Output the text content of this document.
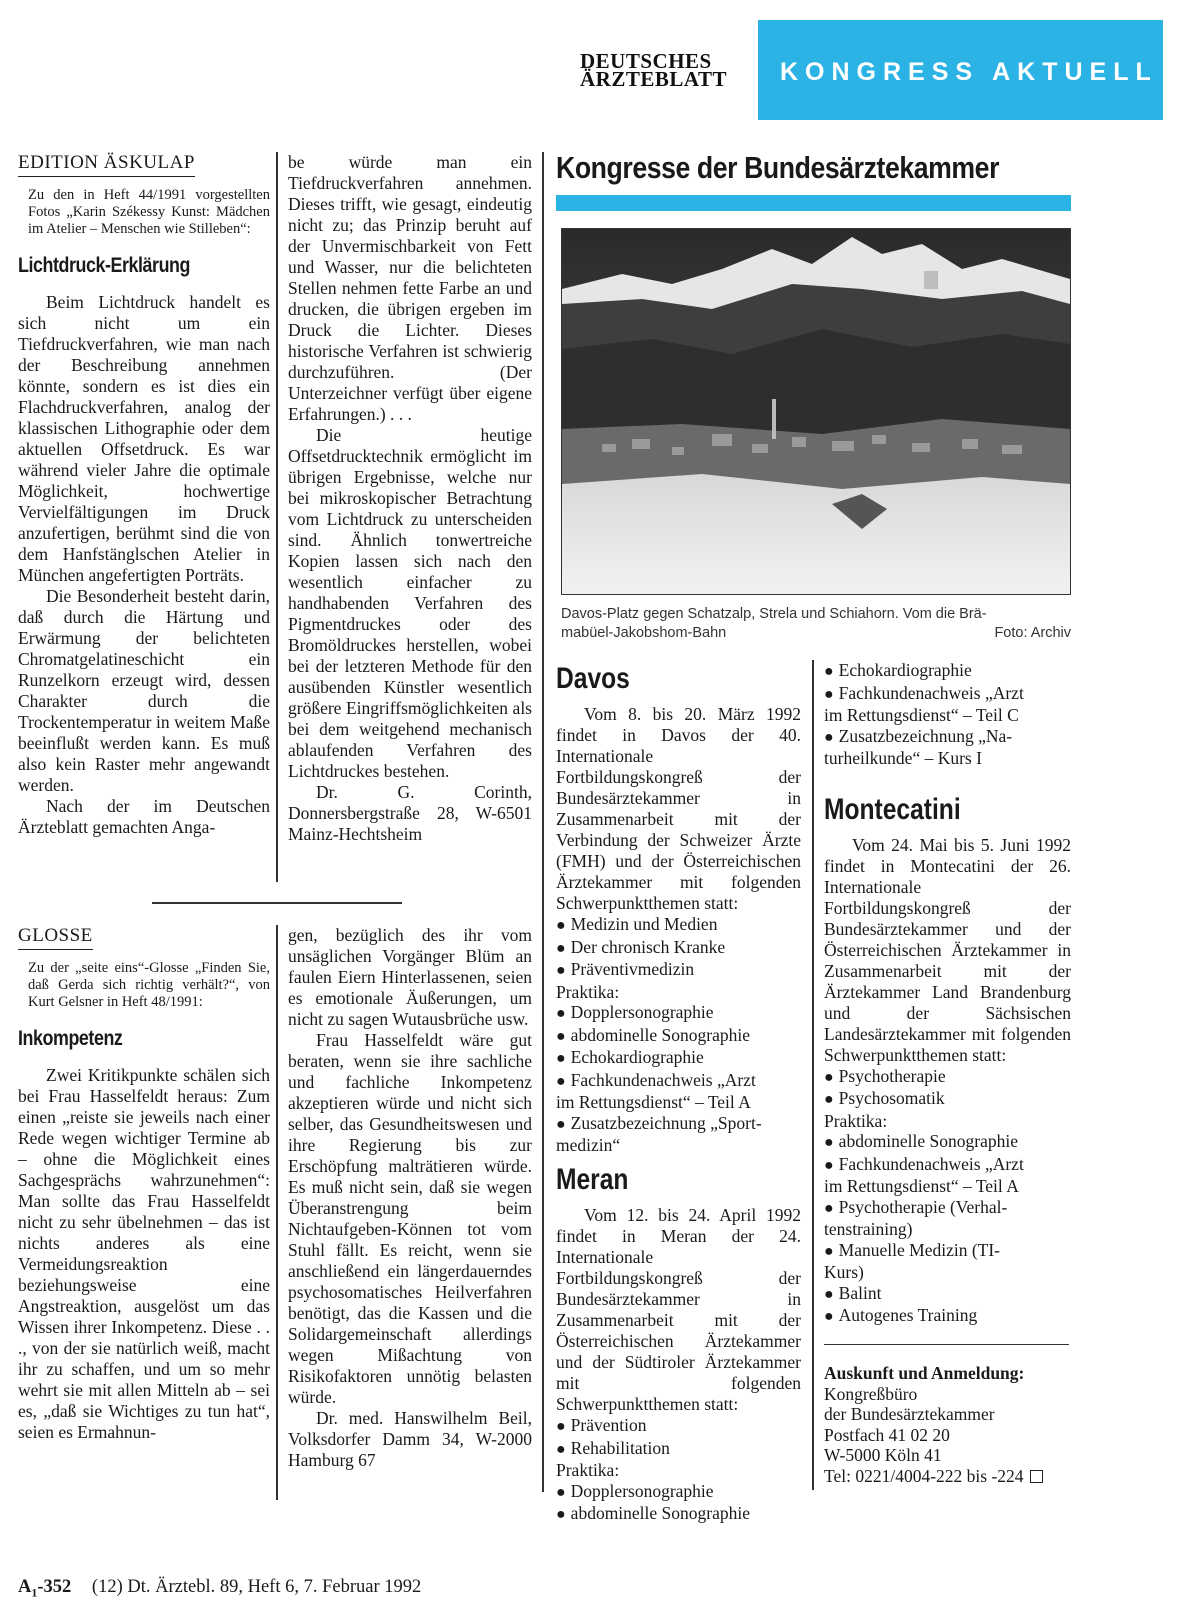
DEUTSCHES
ÄRZTEBLATT KONGRESS AKTUELL
EDITION ÄSKULAP
Zu den in Heft 44/1991 vorgestellten Fotos „Karin Székessy Kunst: Mädchen im Atelier – Menschen wie Stilleben“:
Lichtdruck-Erklärung

Beim Lichtdruck handelt es sich nicht um ein Tiefdruckverfahren, wie man nach der Beschreibung annehmen könnte, sondern es ist dies ein Flachdruckverfahren, analog der klassischen Lithographie oder dem aktuellen Offsetdruck. Es war während vieler Jahre die optimale Möglichkeit, hochwertige Vervielfältigungen im Druck anzufertigen, berühmt sind die von dem Hanfstänglschen Atelier in München angefertigten Porträts.

Die Besonderheit besteht darin, daß durch die Härtung und Erwärmung der belichteten Chromatgelatineschicht ein Runzelkorn erzeugt wird, dessen Charakter durch die Trockentemperatur in weitem Maße beeinflußt werden kann. Es muß also kein Raster mehr angewandt werden.

Nach der im Deutschen Ärzteblatt gemachten Anga-

be würde man ein Tiefdruckverfahren annehmen. Dieses trifft, wie gesagt, eindeutig nicht zu; das Prinzip beruht auf der Unvermischbarkeit von Fett und Wasser, nur die belichteten Stellen nehmen fette Farbe an und drucken, die übrigen ergeben im Druck die Lichter. Dieses historische Verfahren ist schwierig durchzuführen. (Der Unterzeichner verfügt über eigene Erfahrungen.) . . .

Die heutige Offsetdrucktechnik ermöglicht im übrigen Ergebnisse, welche nur bei mikroskopischer Betrachtung vom Lichtdruck zu unterscheiden sind. Ähnlich tonwertreiche Kopien lassen sich nach den wesentlich einfacher zu handhabenden Verfahren des Pigmentdruckes oder des Bromöldruckes herstellen, wobei bei der letzteren Methode für den ausübenden Künstler wesentlich größere Eingriffsmöglichkeiten als bei dem weitgehend mechanisch ablaufenden Verfahren des Lichtdruckes bestehen.

Dr. G. Corinth, Donnersbergstraße 28, W-6501 Mainz-Hechtsheim

GLOSSE
Zu der „seite eins“-Glosse „Finden Sie, daß Gerda sich richtig verhält?“, von Kurt Gelsner in Heft 48/1991:
Inkompetenz

Zwei Kritikpunkte schälen sich bei Frau Hasselfeldt heraus: Zum einen „reiste sie jeweils nach einer Rede wegen wichtiger Termine ab – ohne die Möglichkeit eines Sachgesprächs wahrzunehmen“: Man sollte das Frau Hasselfeldt nicht zu sehr übelnehmen – das ist nichts anderes als eine Vermeidungsreaktion beziehungsweise eine Angstreaktion, ausgelöst um das Wissen ihrer Inkompetenz. Diese . . ., von der sie natürlich weiß, macht ihr zu schaffen, und um so mehr wehrt sie mit allen Mitteln ab – sei es, „daß sie Wichtiges zu tun hat“, seien es Ermahnun-

gen, bezüglich des ihr vom unsäglichen Vorgänger Blüm an faulen Eiern Hinterlassenen, seien es emotionale Äußerungen, um nicht zu sagen Wutausbrüche usw.

Frau Hasselfeldt wäre gut beraten, wenn sie ihre sachliche und fachliche Inkompetenz akzeptieren würde und nicht sich selber, das Gesundheitswesen und ihre Regierung bis zur Erschöpfung malträtieren würde. Es muß nicht sein, daß sie wegen Überanstrengung beim Nichtaufgeben-Können tot vom Stuhl fällt. Es reicht, wenn sie anschließend ein längerdauerndes psychosomatisches Heilverfahren benötigt, das die Kassen und die Solidargemeinschaft allerdings wegen Mißachtung von Risikofaktoren unnötig belasten würde.

Dr. med. Hanswilhelm Beil, Volksdorfer Damm 34, W-2000 Hamburg 67

Kongresse der Bundesärztekammer
Davos-Platz gegen Schatzalp, Strela und Schiahorn. Vom die Brä-
mabüel-Jakobshom-Bahn	Foto: Archiv
Davos

Vom 8. bis 20. März 1992 findet in Davos der 40. Internationale Fortbildungskongreß der Bundesärztekammer in Zusammenarbeit mit der Verbindung der Schweizer Ärzte (FMH) und der Österreichischen Ärztekammer mit folgenden Schwerpunktthemen statt:

● Medizin und Medien
● Der chronisch Kranke
● Präventivmedizin
Praktika:
● Dopplersonographie
● abdominelle Sonographie
● Echokardiographie
● Fachkundenachweis „Arzt
im Rettungsdienst“ – Teil A
● Zusatzbezeichnung „Sport-
medizin“
Meran

Vom 12. bis 24. April 1992 findet in Meran der 24. Internationale Fortbildungskongreß der Bundesärztekammer in Zusammenarbeit mit der Österreichischen Ärztekammer und der Südtiroler Ärztekammer mit folgenden Schwerpunktthemen statt:

● Prävention
● Rehabilitation
Praktika:
● Dopplersonographie
● abdominelle Sonographie
● Echokardiographie
● Fachkundenachweis „Arzt
im Rettungsdienst“ – Teil C
● Zusatzbezeichnung „Na-
turheilkunde“ – Kurs I
Montecatini

Vom 24. Mai bis 5. Juni 1992 findet in Montecatini der 26. Internationale Fortbildungskongreß der Bundesärztekammer und der Österreichischen Ärztekammer in Zusammenarbeit mit der Ärztekammer Land Brandenburg und der Sächsischen Landesärztekammer mit folgenden Schwerpunktthemen statt:

● Psychotherapie
● Psychosomatik
Praktika:
● abdominelle Sonographie
● Fachkundenachweis „Arzt
im Rettungsdienst“ – Teil A
● Psychotherapie (Verhal-
tenstraining)
● Manuelle Medizin (TI-
Kurs)
● Balint
● Autogenes Training
Auskunft und Anmeldung:
Kongreßbüro
der Bundesärztekammer
Postfach 41 02 20
W-5000 Köln 41
Tel: 0221/4004-222 bis -224
$A_1-352$ (12) Dt. Ärztebl. 89, Heft 6, 7. Februar 1992
